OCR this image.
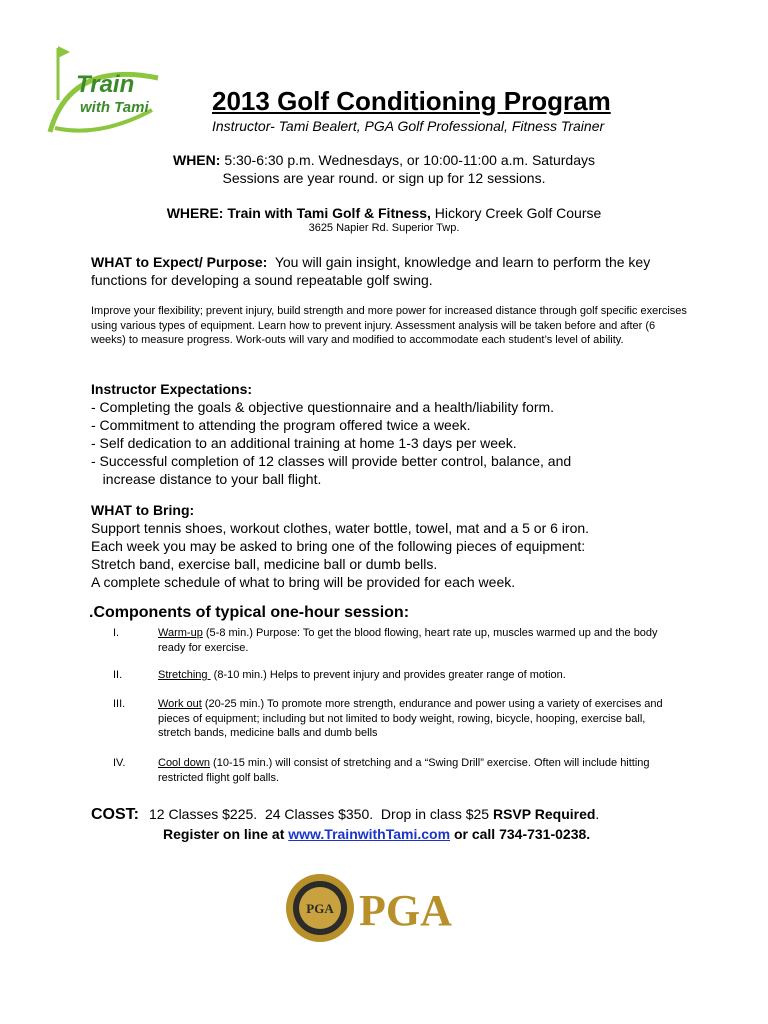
Train
with Tami 2013 Golf Conditioning Program
Instructor- Tami Bealert, PGA Golf Professional, Fitness Trainer
WHEN: 5:30-6:30 p.m. Wednesdays, or 10:00-11:00 a.m. Saturdays
Sessions are year round. or sign up for 12 sessions.
WHERE: Train with Tami Golf & Fitness, Hickory Creek Golf Course
3625 Napier Rd. Superior Twp.
WHAT to Expect/ Purpose: You will gain insight, knowledge and learn to perform the key functions for developing a sound repeatable golf swing.
Improve your flexibility; prevent injury, build strength and more power for increased distance through golf specific exercises using various types of equipment. Learn how to prevent injury. Assessment analysis will be taken before and after (6 weeks) to measure progress. Work-outs will vary and modified to accommodate each student’s level of ability.
Instructor Expectations:
- Completing the goals & objective questionnaire and a health/liability form.
- Commitment to attending the program offered twice a week.
- Self dedication to an additional training at home 1-3 days per week.
- Successful completion of 12 classes will provide better control, balance, and
increase distance to your ball flight.
WHAT to Bring:
Support tennis shoes, workout clothes, water bottle, towel, mat and a 5 or 6 iron.
Each week you may be asked to bring one of the following pieces of equipment:
Stretch band, exercise ball, medicine ball or dumb bells.
A complete schedule of what to bring will be provided for each week.
.Components of typical one-hour session:
I.	Warm-up (5-8 min.) Purpose: To get the blood flowing, heart rate up, muscles warmed up and the body ready for exercise.
II.	Stretching  (8-10 min.) Helps to prevent injury and provides greater range of motion.
III.	Work out (20-25 min.) To promote more strength, endurance and power using a variety of exercises and pieces of equipment; including but not limited to body weight, rowing, bicycle, hooping, exercise ball, stretch bands, medicine balls and dumb bells
IV.	Cool down (10-15 min.) will consist of stretching and a “Swing Drill” exercise. Often will include hitting restricted flight golf balls.
COST: 12 Classes $225.  24 Classes $350.  Drop in class $25 RSVP Required.
Register on line at www.TrainwithTami.com or call 734-731-0238.
PGA PGA
